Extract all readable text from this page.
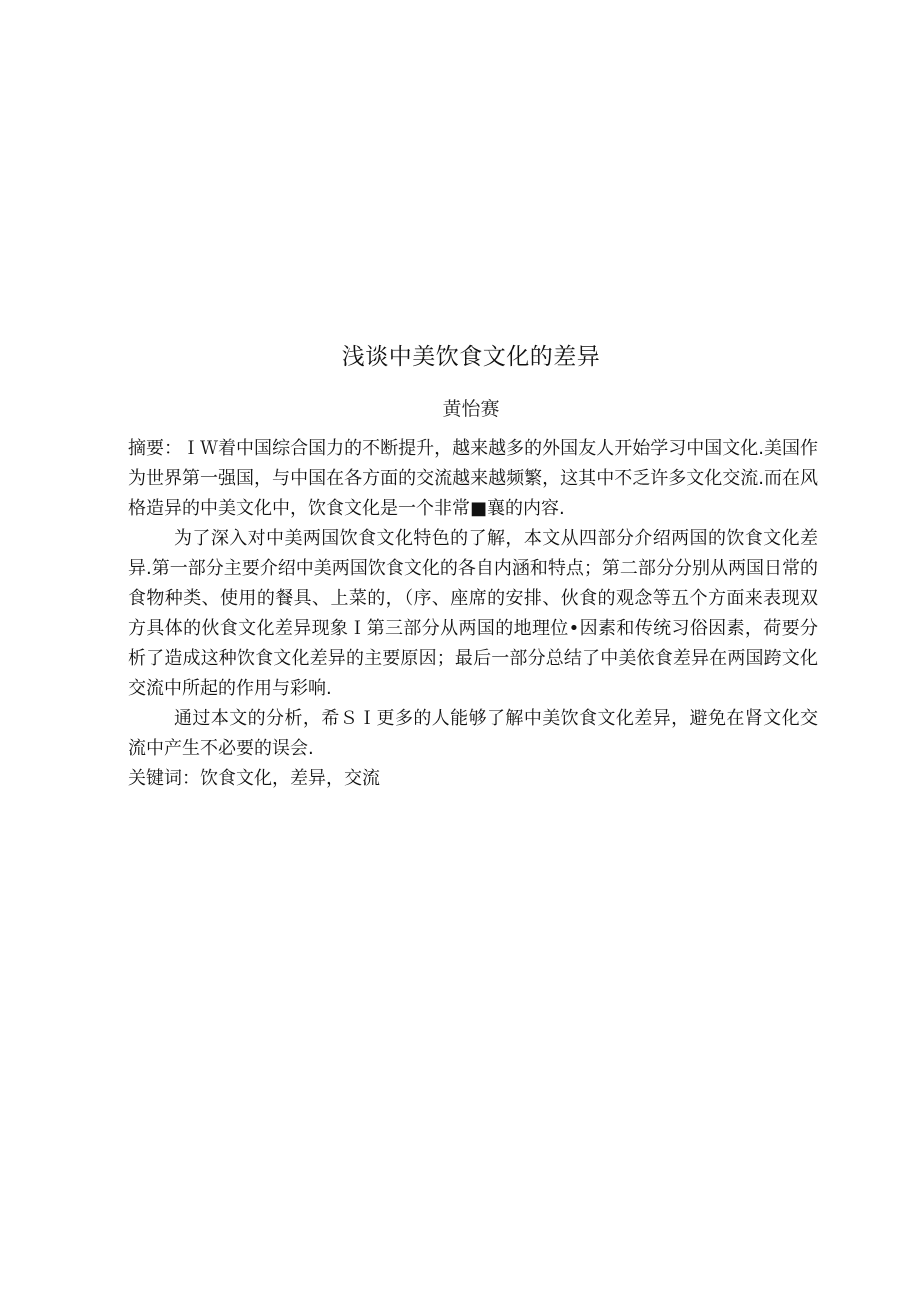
浅谈中美饮食文化的差异
黄怡赛

摘要：ＩＷ着中国综合国力的不断提升，越来越多的外国友人开始学习中国文化.美国作为世界第一强国，与中国在各方面的交流越来越频繁，这其中不乏许多文化交流.而在风格造异的中美文化中，饮食文化是一个非常■襄的内容.

为了深入对中美两国饮食文化特色的了解，本文从四部分介绍两国的饮食文化差异.第一部分主要介绍中美两国饮食文化的各自内涵和特点；第二部分分别从两国日常的食物种类、使用的餐具、上菜的，（序、座席的安排、伙食的观念等五个方面来表现双方具体的伙食文化差异现象Ｉ第三部分从两国的地理位•因素和传统习俗因素，荷要分析了造成这种饮食文化差异的主要原因；最后一部分总结了中美依食差异在两国跨文化交流中所起的作用与彩响.

通过本文的分析，希ＳＩ更多的人能够了解中美饮食文化差异，避免在肾文化交流中产生不必要的误会.

关键词：饮食文化，差异，交流
